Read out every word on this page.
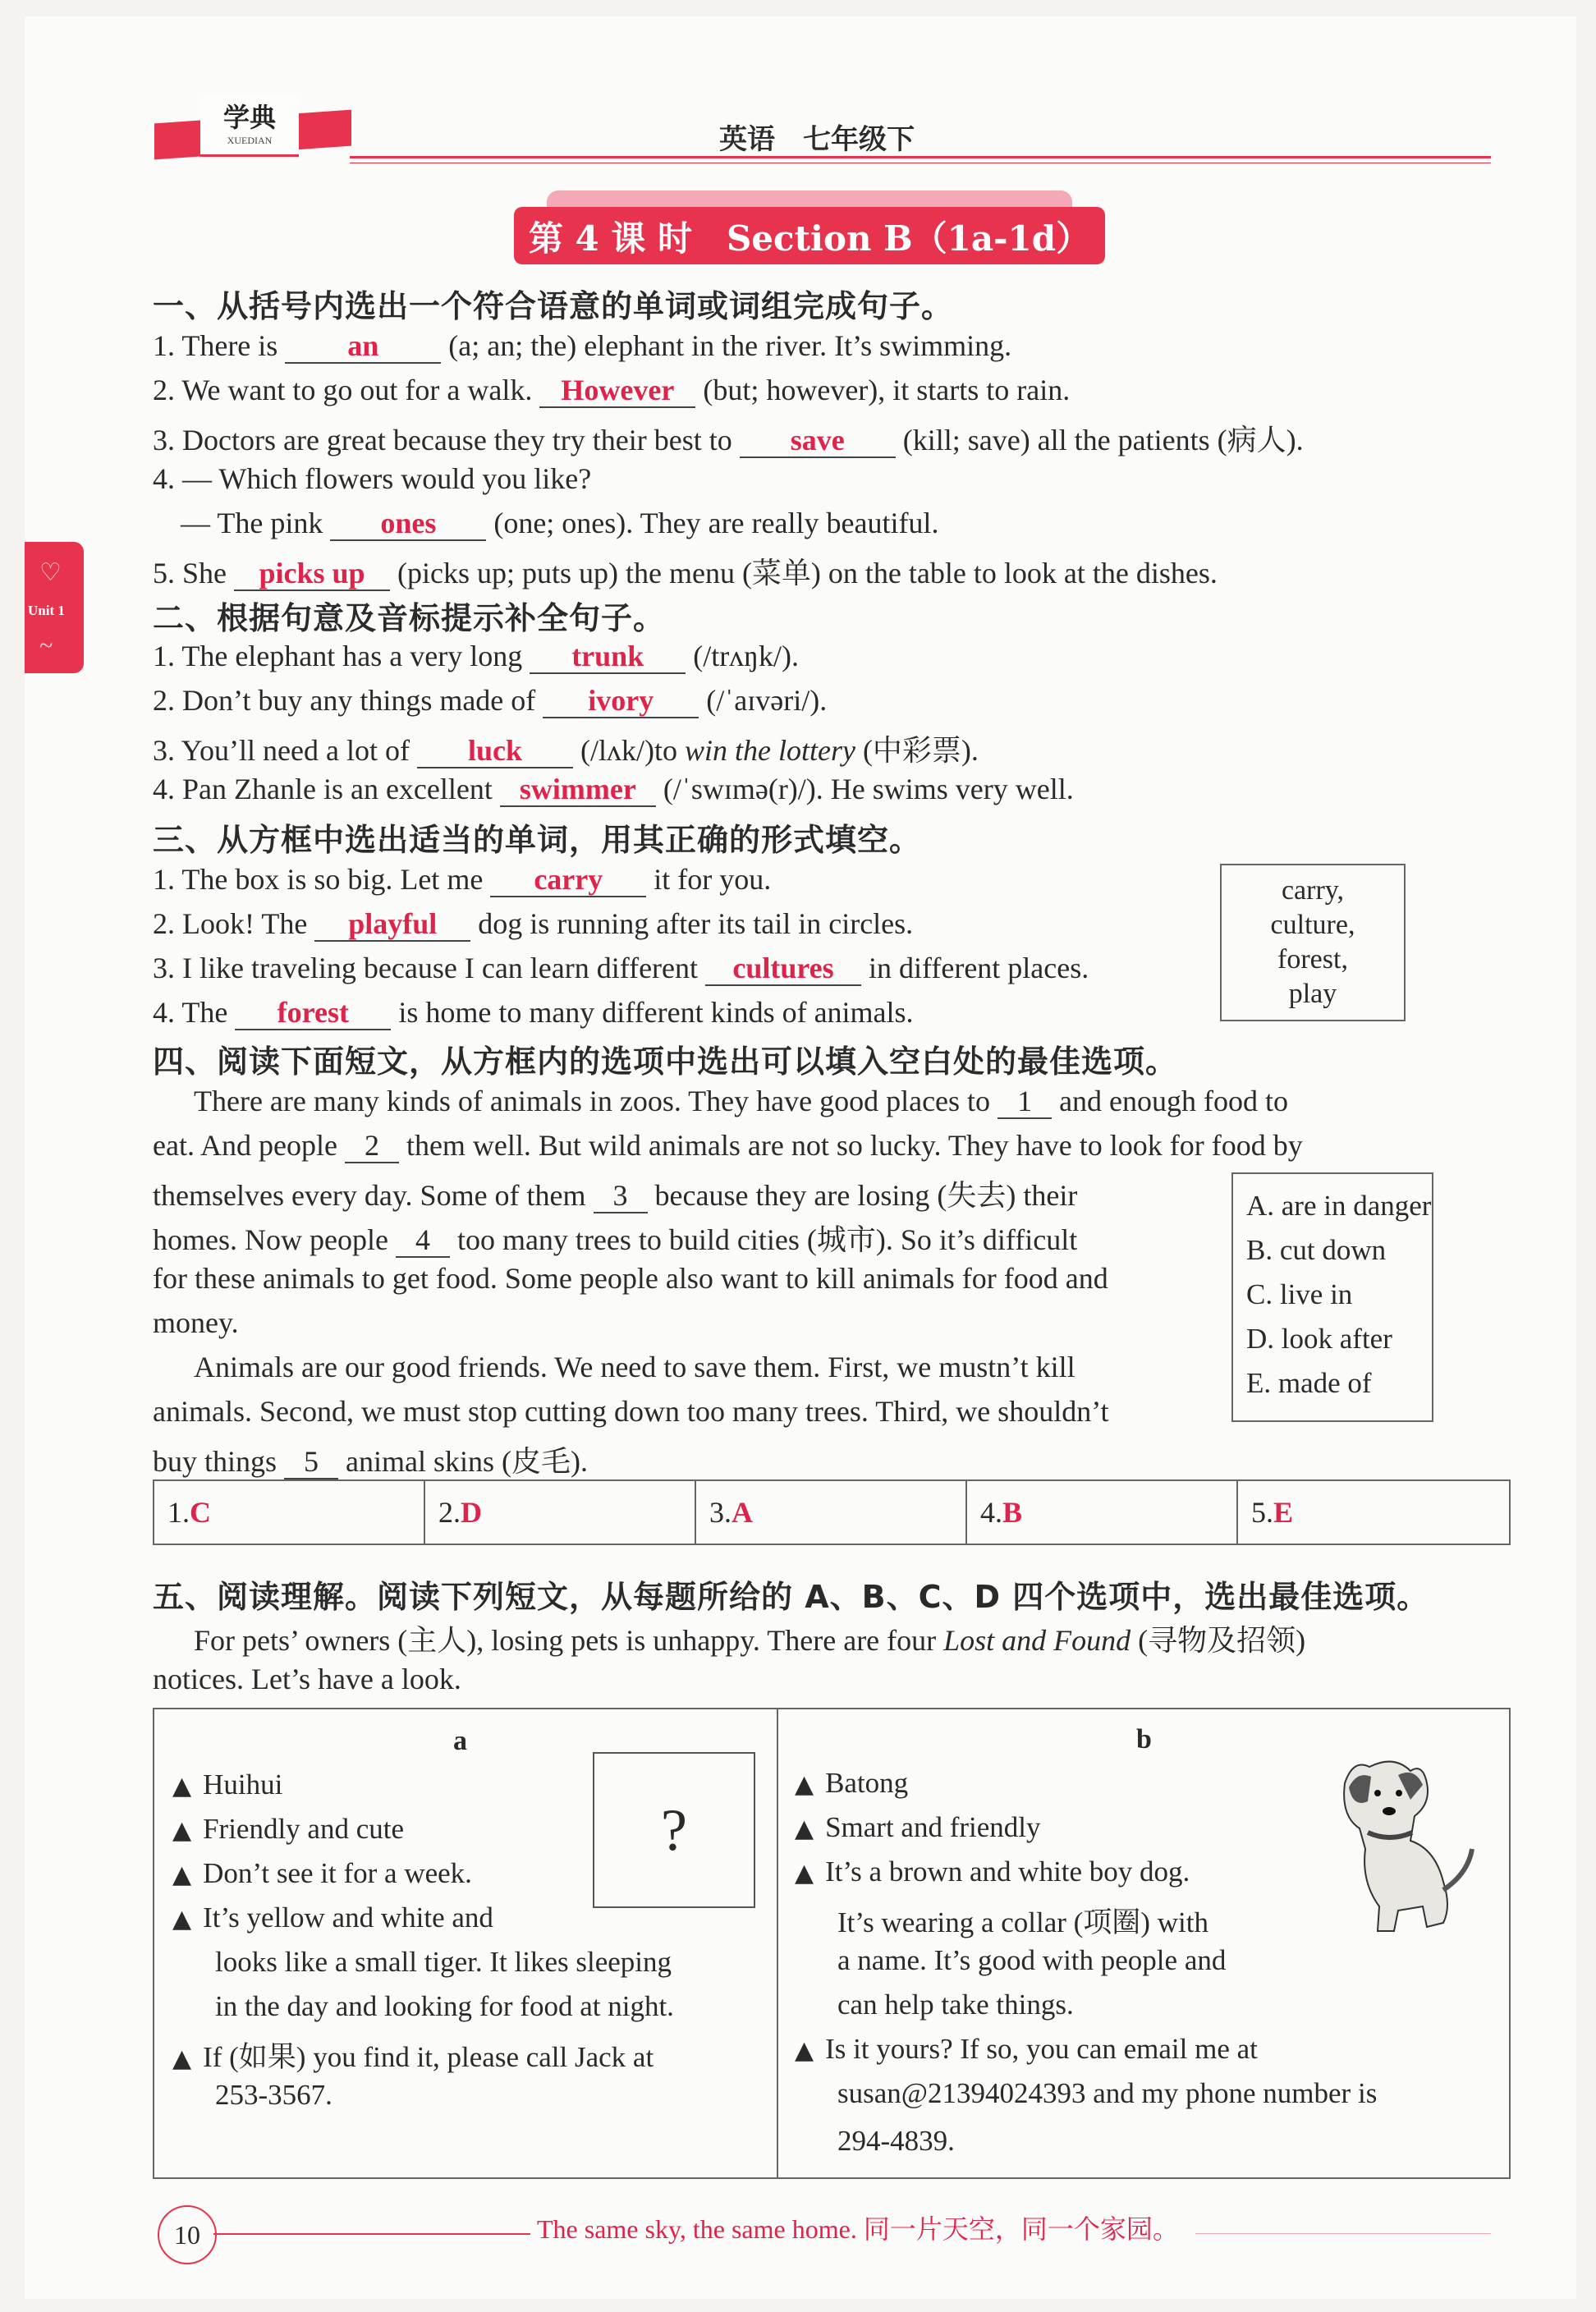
学典
XUEDIAN	英语　七年级下
♡
Unit 1
~
第 4 课 时　Section B（1a-1d）
一、从括号内选出一个符合语意的单词或词组完成句子。
1. There is an (a; an; the) elephant in the river. It’s swimming.
2. We want to go out for a walk. However (but; however), it starts to rain.
3. Doctors are great because they try their best to save (kill; save) all the patients (病人).
4. — Which flowers would you like?
— The pink ones (one; ones). They are really beautiful.
5. She picks up (picks up; puts up) the menu (菜单) on the table to look at the dishes.
二、根据句意及音标提示补全句子。
1. The elephant has a very long trunk (/trʌŋk/).
2. Don’t buy any things made of ivory (/ˈaɪvəri/).
3. You’ll need a lot of luck (/lʌk/)to win the lottery (中彩票).
4. Pan Zhanle is an excellent swimmer (/ˈswɪmə(r)/). He swims very well.
三、从方框中选出适当的单词，用其正确的形式填空。
1. The box is so big. Let me carry it for you.
2. Look! The playful dog is running after its tail in circles.
3. I like traveling because I can learn different cultures in different places.
4. The forest is home to many different kinds of animals.
carry,
culture,
forest,
play
四、阅读下面短文，从方框内的选项中选出可以填入空白处的最佳选项。
There are many kinds of animals in zoos. They have good places to 1 and enough food to
eat. And people 2 them well. But wild animals are not so lucky. They have to look for food by
themselves every day. Some of them 3 because they are losing (失去) their
homes. Now people 4 too many trees to build cities (城市). So it’s difficult
for these animals to get food. Some people also want to kill animals for food and
money.
Animals are our good friends. We need to save them. First, we mustn’t kill
animals. Second, we must stop cutting down too many trees. Third, we shouldn’t
buy things 5 animal skins (皮毛).
A. are in danger
B. cut down
C. live in
D. look after
E. made of
1.C	2.D	3.A	4.B	5.E
五、阅读理解。阅读下列短文，从每题所给的 A、B、C、D 四个选项中，选出最佳选项。
For pets’ owners (主人), losing pets is unhappy. There are four Lost and Found (寻物及招领)
notices. Let’s have a look.
a
?
▲ Huihui
▲ Friendly and cute
▲ Don’t see it for a week.
▲ It’s yellow and white and
looks like a small tiger. It likes sleeping
in the day and looking for food at night.
▲ If (如果) you find it, please call Jack at
253-3567.
b
▲ Batong
▲ Smart and friendly
▲ It’s a brown and white boy dog.
It’s wearing a collar (项圈) with
a name. It’s good with people and
can help take things.
▲ Is it yours? If so, you can email me at
susan@21394024393 and my phone number is
294-4839.
10	The same sky, the same home. 同一片天空，同一个家园。
